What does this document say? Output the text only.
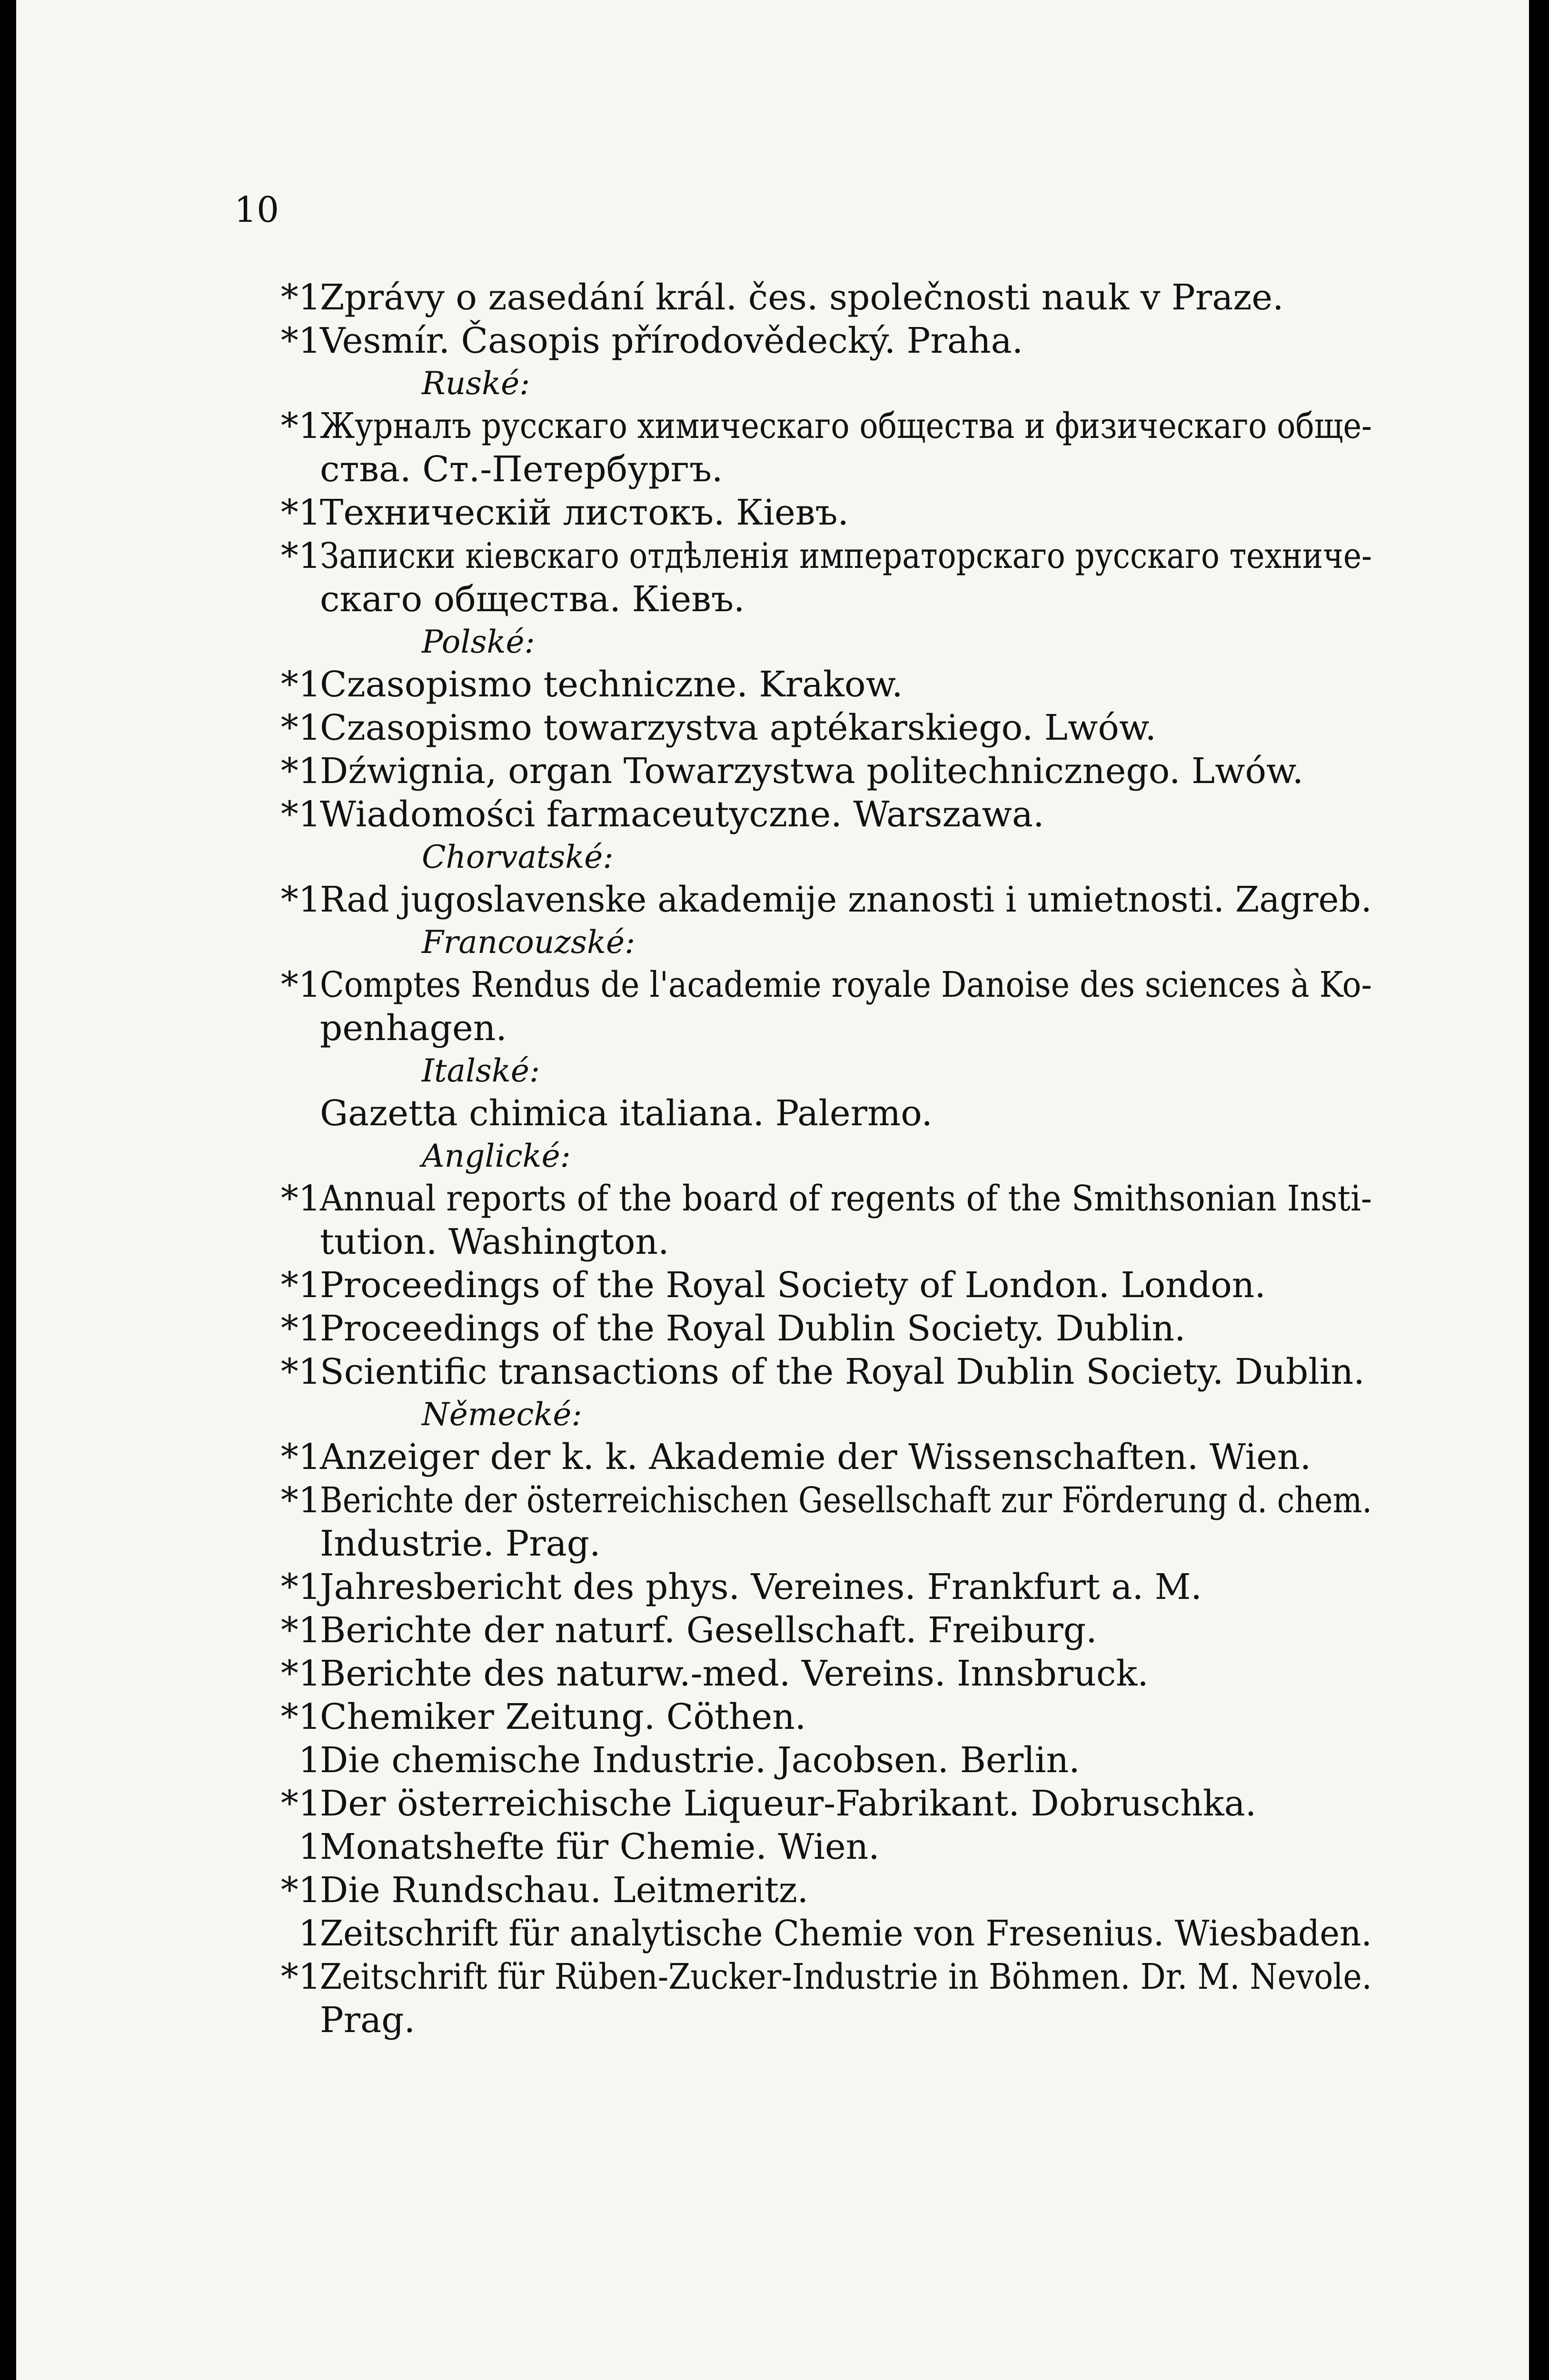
10
*1
Zprávy o zasedání král. čes. společnosti nauk v Praze.
*1
Vesmír. Časopis přírodovědecký. Praha.
Ruské:
*1
Журналъ русскаго химическаго общества и физическаго обще-
ства. Ст.-Петербургъ.
*1
Техническій листокъ. Кіевъ.
*1
Записки кіевскаго отдѣленія императорскаго русскаго техниче-
скаго общества. Кіевъ.
Polské:
*1
Czasopismo techniczne. Krakow.
*1
Czasopismo towarzystva aptékarskiego. Lwów.
*1
Dźwignia, organ Towarzystwa politechnicznego. Lwów.
*1
Wiadomości farmaceutyczne. Warszawa.
Chorvatské:
*1
Rad jugoslavenske akademije znanosti i umietnosti. Zagreb.
Francouzské:
*1
Comptes Rendus de l'academie royale Danoise des sciences à Ko-
penhagen.
Italské:
Gazetta chimica italiana. Palermo.
Anglické:
*1
Annual reports of the board of regents of the Smithsonian Insti-
tution. Washington.
*1
Proceedings of the Royal Society of London. London.
*1
Proceedings of the Royal Dublin Society. Dublin.
*1
Scientific transactions of the Royal Dublin Society. Dublin.
Německé:
*1
Anzeiger der k. k. Akademie der Wissenschaften. Wien.
*1
Berichte der österreichischen Gesellschaft zur Förderung d. chem.
Industrie. Prag.
*1
Jahresbericht des phys. Vereines. Frankfurt a. M.
*1
Berichte der naturf. Gesellschaft. Freiburg.
*1
Berichte des naturw.-med. Vereins. Innsbruck.
*1
Chemiker Zeitung. Cöthen.
1
Die chemische Industrie. Jacobsen. Berlin.
*1
Der österreichische Liqueur-Fabrikant. Dobruschka.
1
Monatshefte für Chemie. Wien.
*1
Die Rundschau. Leitmeritz.
1
Zeitschrift für analytische Chemie von Fresenius. Wiesbaden.
*1
Zeitschrift für Rüben-Zucker-Industrie in Böhmen. Dr. M. Nevole.
Prag.
